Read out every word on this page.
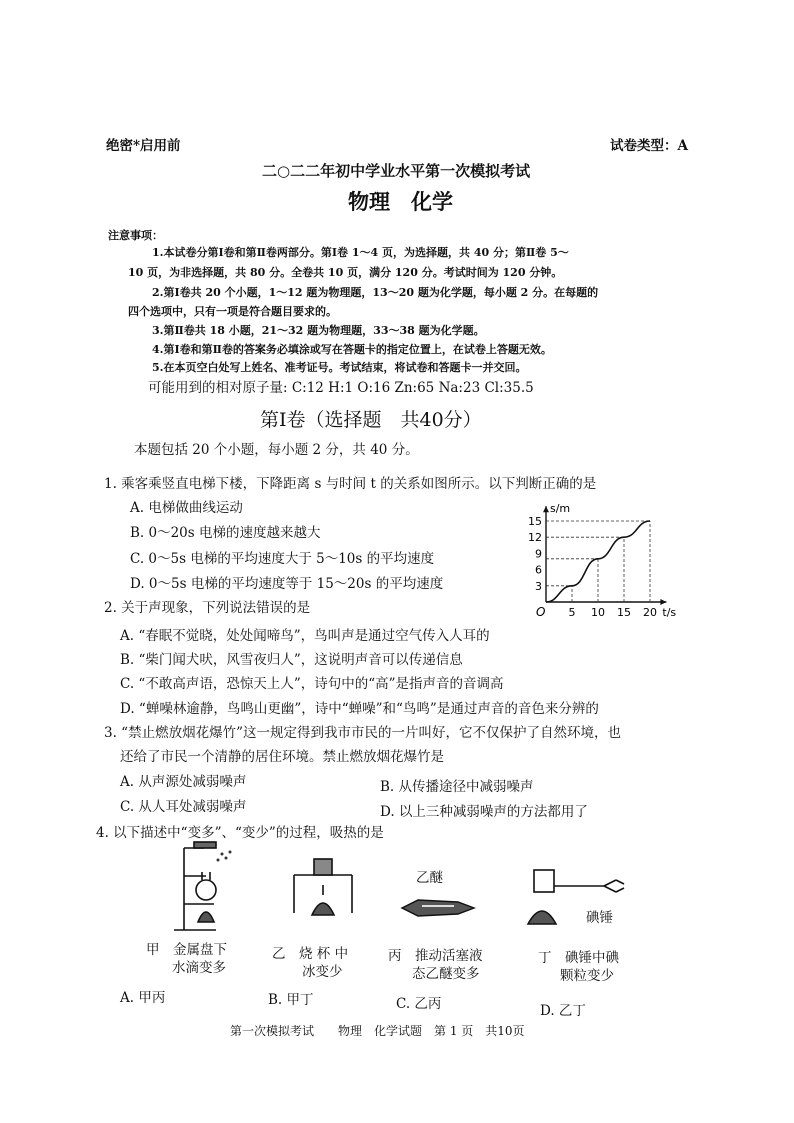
绝密*启用前	试卷类型：A
二○二二年初中学业水平第一次模拟考试
物理　化学
注意事项：
1.本试卷分第Ⅰ卷和第Ⅱ卷两部分。第Ⅰ卷 1～4 页，为选择题，共 40 分；第Ⅱ卷 5～
10 页，为非选择题，共 80 分。全卷共 10 页，满分 120 分。考试时间为 120 分钟。
2.第Ⅰ卷共 20 个小题，1～12 题为物理题，13～20 题为化学题，每小题 2 分。在每题的
四个选项中，只有一项是符合题目要求的。
3.第Ⅱ卷共 18 小题，21～32 题为物理题，33～38 题为化学题。
4.第Ⅰ卷和第Ⅱ卷的答案务必填涂或写在答题卡的指定位置上，在试卷上答题无效。
5.在本页空白处写上姓名、准考证号。考试结束，将试卷和答题卡一并交回。
可能用到的相对原子量: C:12 H:1 O:16 Zn:65 Na:23 Cl:35.5
第Ⅰ卷（选择题　共40分）
本题包括 20 个小题，每小题 2 分，共 40 分。
1. 乘客乘竖直电梯下楼，下降距离 s 与时间 t 的关系如图所示。以下判断正确的是
A. 电梯做曲线运动
B. 0～20s 电梯的速度越来越大
C. 0～5s 电梯的平均速度大于 5～10s 的平均速度
D. 0～5s 电梯的平均速度等于 15～20s 的平均速度
O	t/s
s/m
5 10 15 20
3
6
9
12
15
2. 关于声现象，下列说法错误的是
A. “春眠不觉晓，处处闻啼鸟”，鸟叫声是通过空气传入人耳的
B. “柴门闻犬吠，风雪夜归人”，这说明声音可以传递信息
C. “不敢高声语，恐惊天上人”，诗句中的“高”是指声音的音调高
D. “蝉噪林逾静，鸟鸣山更幽”，诗中“蝉噪”和“鸟鸣”是通过声音的音色来分辨的
3. “禁止燃放烟花爆竹”这一规定得到我市市民的一片叫好，它不仅保护了自然环境，也
还给了市民一个清静的居住环境。禁止燃放烟花爆竹是
A. 从声源处减弱噪声	B. 从传播途径中减弱噪声
C. 从人耳处减弱噪声	D. 以上三种减弱噪声的方法都用了
4. 以下描述中“变多”、“变少”的过程，吸热的是
乙醚
碘锤
甲　金属盘下
水滴变多
乙　烧 杯 中
冰变少
丙　推动活塞液
态乙醚变多
丁　碘锤中碘
颗粒变少
A. 甲丙	B. 甲丁	C. 乙丙	D. 乙丁
第一次模拟考试　　物理　化学试题　第 1 页　共10页
